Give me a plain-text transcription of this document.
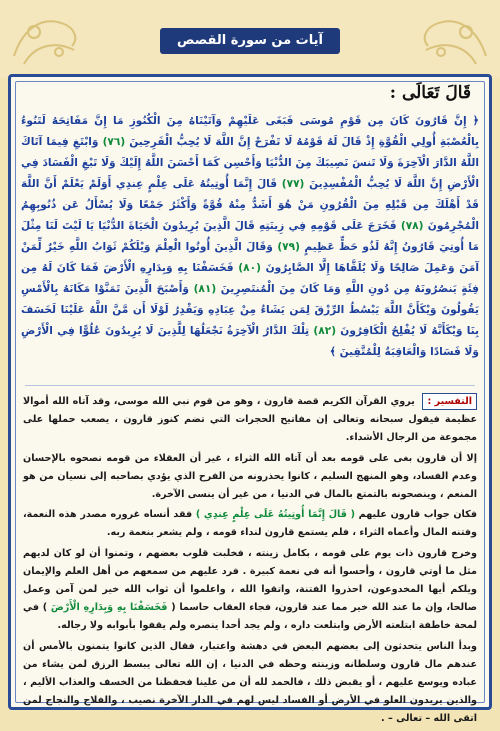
آيات من سورة القصص
قَالَ تَعَالَى :
﴿ إِنَّ قَارُونَ كَانَ مِن قَوْمِ مُوسَى فَبَغَى عَلَيْهِمْ وَآتَيْنَاهُ مِنَ الْكُنُوزِ مَا إِنَّ مَفَاتِحَهُ لَتَنُوءُ بِالْعُصْبَةِ أُولِي الْقُوَّةِ إِذْ قَالَ لَهُ قَوْمُهُ لَا تَفْرَحْ إِنَّ اللَّهَ لَا يُحِبُّ الْفَرِحِينَ (٧٦) وَابْتَغِ فِيمَا آتَاكَ اللَّهُ الدَّارَ الْآخِرَةَ وَلَا تَنسَ نَصِيبَكَ مِنَ الدُّنْيَا وَأَحْسِن كَمَا أَحْسَنَ اللَّهُ إِلَيْكَ وَلَا تَبْغِ الْفَسَادَ فِي الْأَرْضِ إِنَّ اللَّهَ لَا يُحِبُّ الْمُفْسِدِينَ (٧٧) قَالَ إِنَّمَا أُوتِيتُهُ عَلَى عِلْمٍ عِندِي أَوَلَمْ يَعْلَمْ أَنَّ اللَّهَ قَدْ أَهْلَكَ مِن قَبْلِهِ مِنَ الْقُرُونِ مَنْ هُوَ أَشَدُّ مِنْهُ قُوَّةً وَأَكْثَرُ جَمْعًا وَلَا يُسْأَلُ عَن ذُنُوبِهِمُ الْمُجْرِمُونَ (٧٨) فَخَرَجَ عَلَى قَوْمِهِ فِي زِينَتِهِ قَالَ الَّذِينَ يُرِيدُونَ الْحَيَاةَ الدُّنْيَا يَا لَيْتَ لَنَا مِثْلَ مَا أُوتِيَ قَارُونُ إِنَّهُ لَذُو حَظٍّ عَظِيمٍ (٧٩) وَقَالَ الَّذِينَ أُوتُوا الْعِلْمَ وَيْلَكُمْ ثَوَابُ اللَّهِ خَيْرٌ لِّمَنْ آمَنَ وَعَمِلَ صَالِحًا وَلَا يُلَقَّاهَا إِلَّا الصَّابِرُونَ (٨٠) فَخَسَفْنَا بِهِ وَبِدَارِهِ الْأَرْضَ فَمَا كَانَ لَهُ مِن فِئَةٍ يَنصُرُونَهُ مِن دُونِ اللَّهِ وَمَا كَانَ مِنَ الْمُنتَصِرِينَ (٨١) وَأَصْبَحَ الَّذِينَ تَمَنَّوْا مَكَانَهُ بِالْأَمْسِ يَقُولُونَ وَيْكَأَنَّ اللَّهَ يَبْسُطُ الرِّزْقَ لِمَن يَشَاءُ مِنْ عِبَادِهِ وَيَقْدِرُ لَوْلَا أَن مَّنَّ اللَّهُ عَلَيْنَا لَخَسَفَ بِنَا وَيْكَأَنَّهُ لَا يُفْلِحُ الْكَافِرُونَ (٨٢) تِلْكَ الدَّارُ الْآخِرَةُ نَجْعَلُهَا لِلَّذِينَ لَا يُرِيدُونَ عُلُوًّا فِي الْأَرْضِ وَلَا فَسَادًا وَالْعَاقِبَةُ لِلْمُتَّقِينَ ﴾

التفسير : يروي القرآن الكريم قصة قارون ، وهو من قوم نبي الله موسى، وقد آتاه الله أموالا عظيمة فيقول سبحانه وتعالى إن مفاتيح الحجرات التي تضم كنوز قارون ، يصعب حملها على مجموعة من الرجال الأشداء.

إلا أن قارون بغى على قومه بعد أن آتاه الله الثراء ، غير أن العقلاء من قومه نصحوه بالإحسان وعدم الفساد، وهو المنهج السليم ، كانوا يحذرونه من الفرح الذي يؤدي بصاحبه إلى نسيان من هو المنعم ، وينصحونه بالتمتع بالمال في الدنيا ، من غير أن ينسى الآخرة.

فكان جواب قارون عليهم ( قَالَ إِنَّمَا أُوتِيتُهُ عَلَى عِلْمٍ عِندِي ) فقد أنساه غروره مصدر هذه النعمة، وفتنه المال وأعماه الثراء ، فلم يستمع قارون لنداء قومه ، ولم يشعر بنعمة ربه.

وخرج قارون ذات يوم على قومه ، بكامل زينته ، فخلبت قلوب بعضهم ، وتمنوا أن لو كان لديهم مثل ما أوتي قارون ، وأحسوا أنه في نعمة كبيرة . فرد عليهم من سمعهم من أهل العلم والإيمان ويلكم أيها المخدوعون، احذروا الفتنة، واتقوا الله ، واعلموا أن ثواب الله خير لمن آمن وعمل صالحا، وإن ما عند الله خير مما عند قارون، فجاء العقاب حاسما ( فَخَسَفْنَا بِهِ وَبِدَارِهِ الْأَرْضَ ) في لمحة خاطفة ابتلعته الأرض وابتلعت داره ، ولم يجد أحدا ينصره ولم يقفوا بأبوابه ولا رجاله.

وبدأ الناس يتحدثون إلى بعضهم البعض في دهشة واعتبار، فقال الذين كانوا يتمنون بالأمس أن عندهم مال قارون وسلطانه وزينته وحظه في الدنيا ، إن الله تعالى يبسط الرزق لمن يشاء من عباده ويوسع عليهم ، أو يقبض ذلك ، فالحمد لله أن من علينا فحفظنا من الخسف والعذاب الأليم ، والذين يريدون العلو في الأرض أو الفساد ليس لهم في الدار الآخرة نصيب ، والفلاح والنجاح لمن اتقى الله – تعالى – .
